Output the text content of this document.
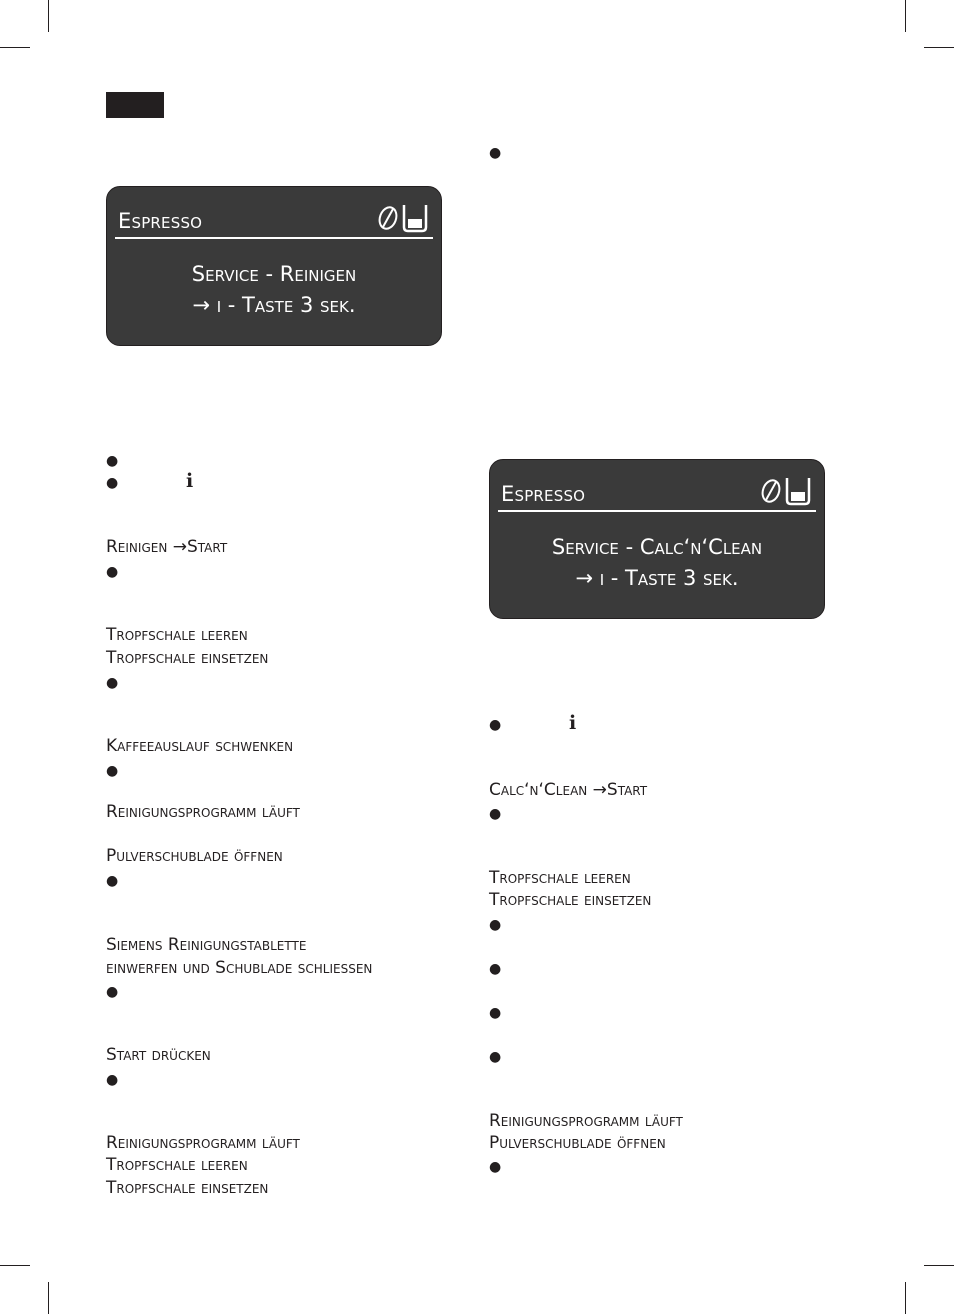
Espresso
Service - Reinigen
→ i - Taste 3 sek.
Espresso
Service - Calc‘n‘Clean
→ i - Taste 3 sek.
●
●	i
Reinigen →Start
●
Tropfschale leeren
Tropfschale einsetzen
●
Kaffeeauslauf schwenken
●
Reinigungsprogramm läuft
Pulverschublade öffnen
●
Siemens Reinigungstablette
einwerfen und Schublade schliessen
●
Start drücken
●
Reinigungsprogramm läuft
Tropfschale leeren
Tropfschale einsetzen
●
●	i
Calc‘n‘Clean →Start
●
Tropfschale leeren
Tropfschale einsetzen
●
●
●
●
Reinigungsprogramm läuft
Pulverschublade öffnen
●
